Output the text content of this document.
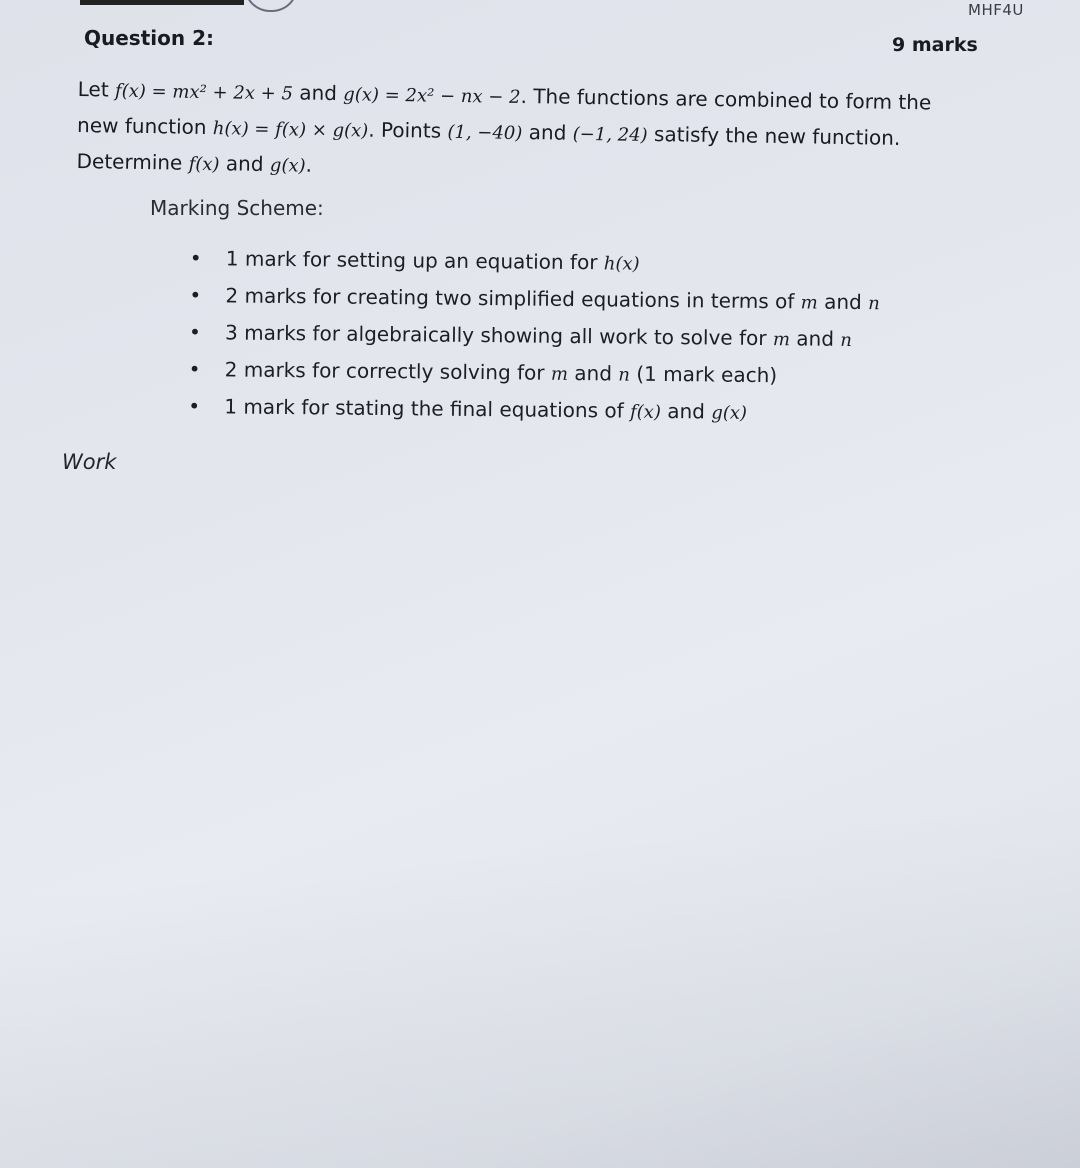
MHF4U
Question 2:	9 marks

Let f(x) = mx² + 2x + 5 and g(x) = 2x² − nx − 2. The functions are combined to form the

new function h(x) = f(x) × g(x). Points (1, −40) and (−1, 24) satisfy the new function.

Determine f(x) and g(x).

Marking Scheme:
• 1 mark for setting up an equation for h(x)
• 2 marks for creating two simplified equations in terms of m and n
• 3 marks for algebraically showing all work to solve for m and n
• 2 marks for correctly solving for m and n (1 mark each)
• 1 mark for stating the final equations of f(x) and g(x)
Work
